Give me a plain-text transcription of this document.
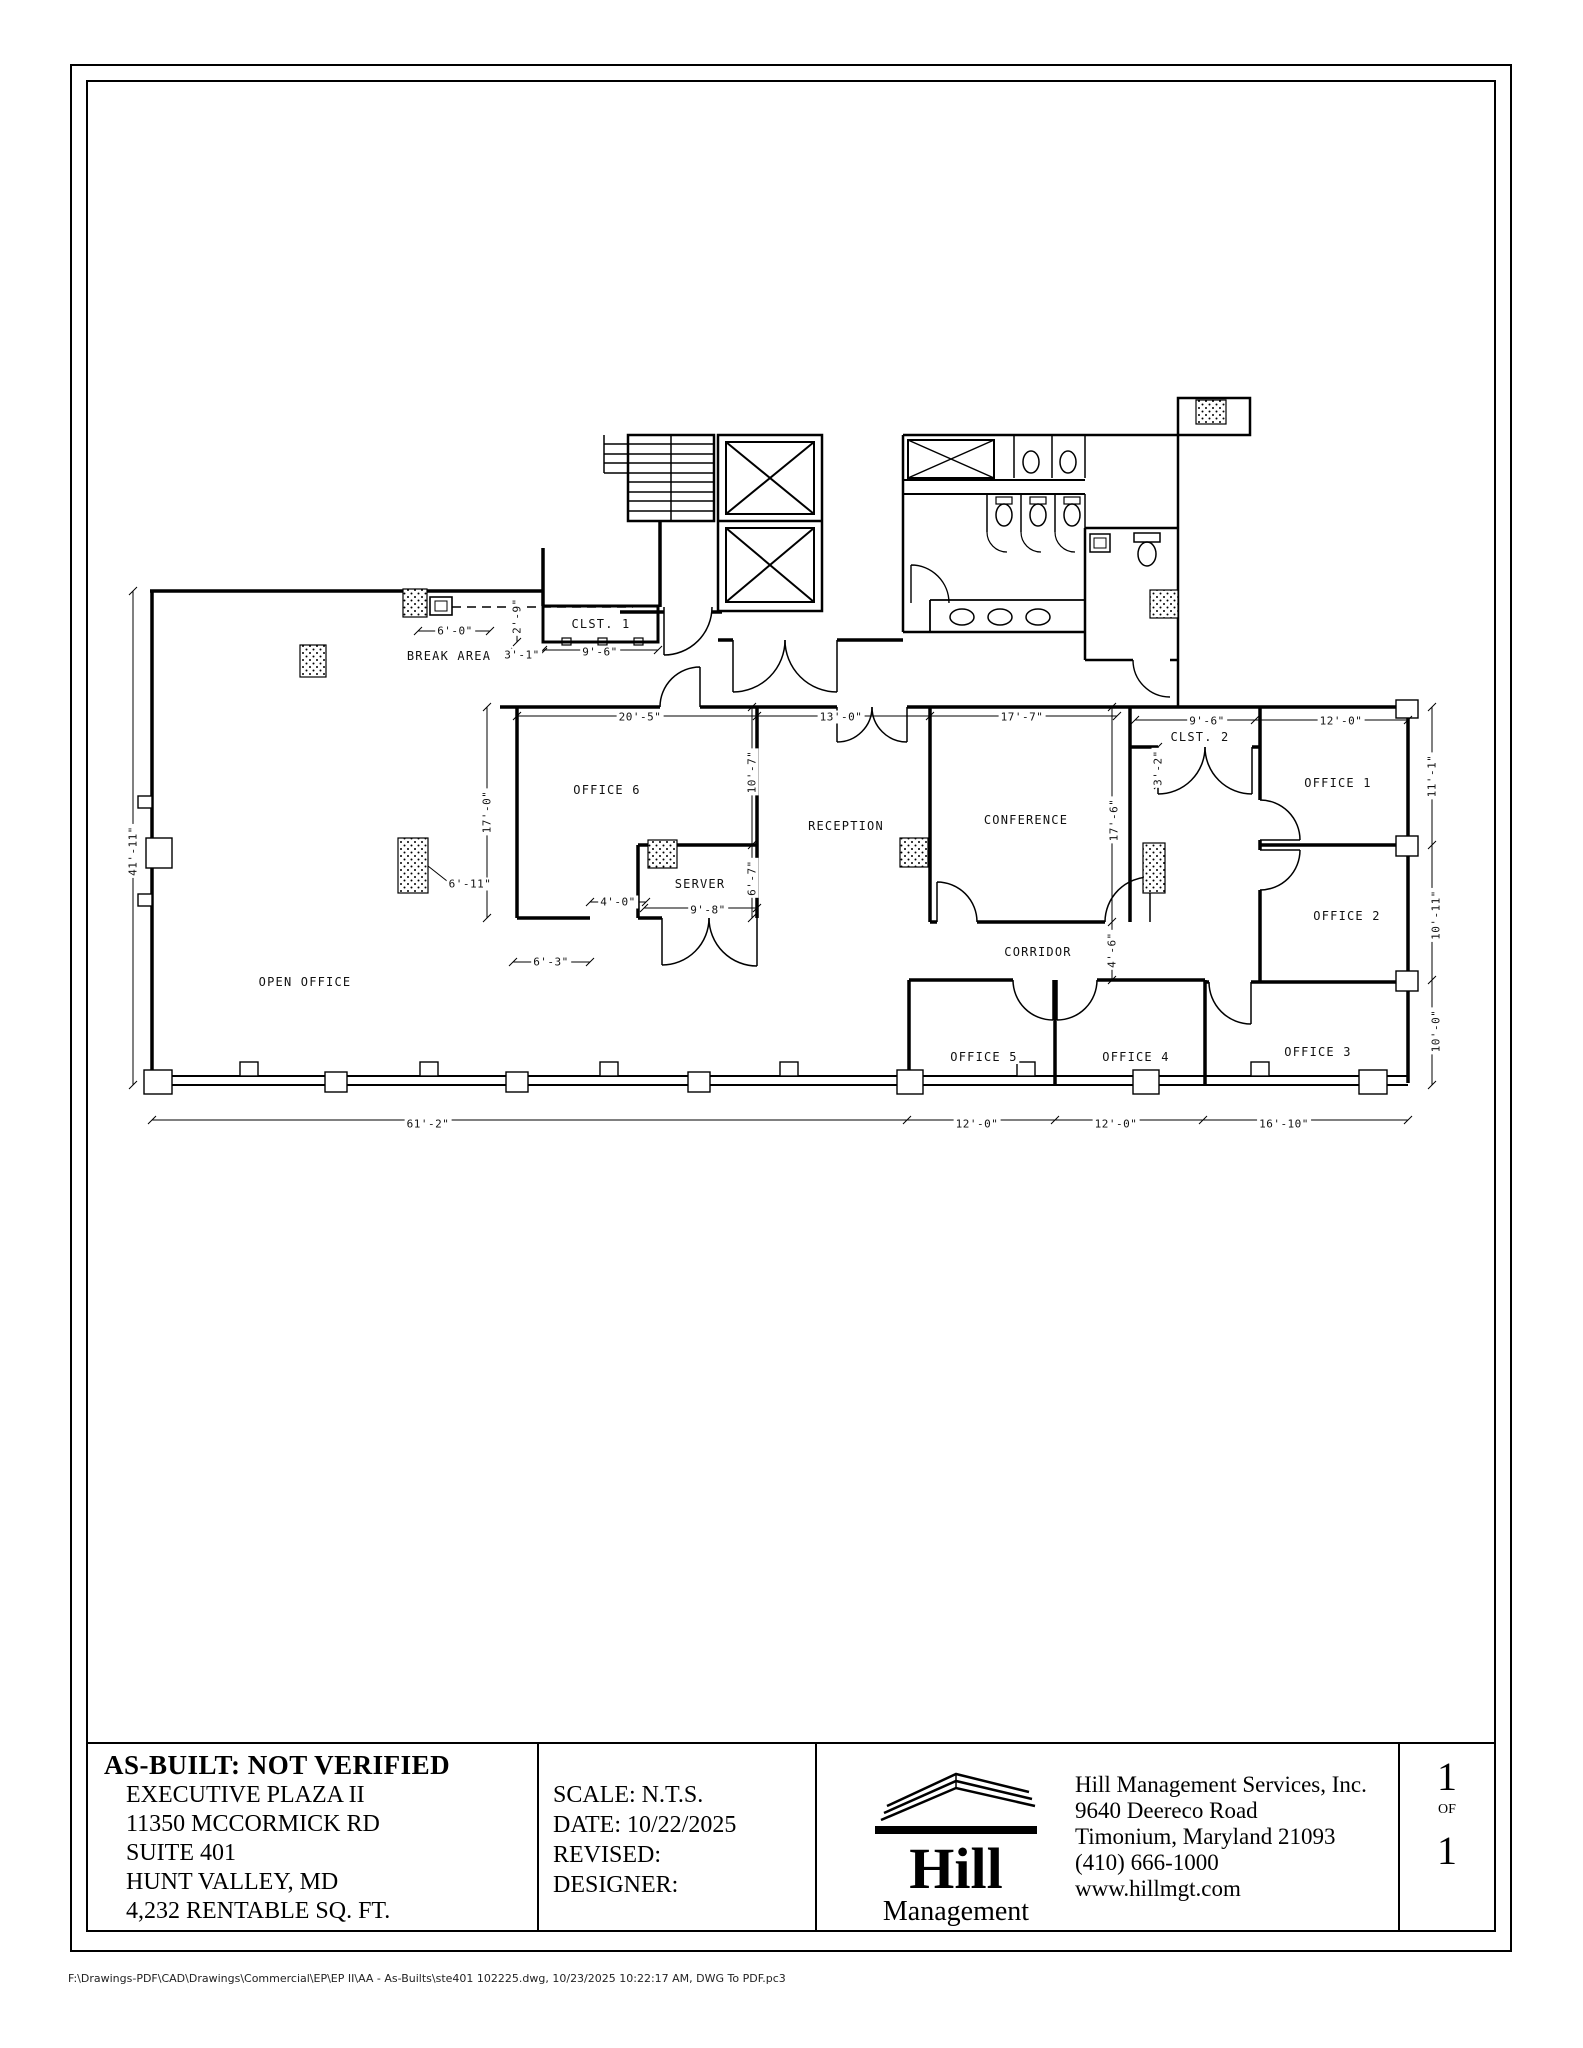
OPEN OFFICE
BREAK AREA
CLST. 1
OFFICE 6
SERVER
RECEPTION	CONFERENCE
CLST. 2
OFFICE 1
OFFICE 2
OFFICE 3
OFFICE 4
OFFICE 5
CORRIDOR
6'-0"	2'-9"
3'-1"	9'-6"
20'-5"	13'-0"	17'-7"	9'-6"	12'-0"
3'-2"
17'-0"
10'-7"
6'-7"
17'-6"
41'-11"
11'-1"
10'-11"
10'-0"
6'-11"
4'-0"
9'-8"
6'-3"	4'-6"
61'-2"	12'-0"	12'-0"	16'-10"
AS-BUILT: NOT VERIFIED
EXECUTIVE PLAZA II
11350 MCCORMICK RD
SUITE 401
HUNT VALLEY, MD
4,232 RENTABLE SQ. FT.
SCALE: N.T.S.
DATE: 10/22/2025
REVISED:
DESIGNER:	Hill
Management
Hill Management Services, Inc.
9640 Deereco Road
Timonium, Maryland 21093
(410) 666-1000
www.hillmgt.com
1
OF
1
F:\Drawings-PDF\CAD\Drawings\Commercial\EP\EP II\AA - As-Builts\ste401 102225.dwg, 10/23/2025 10:22:17 AM, DWG To PDF.pc3
